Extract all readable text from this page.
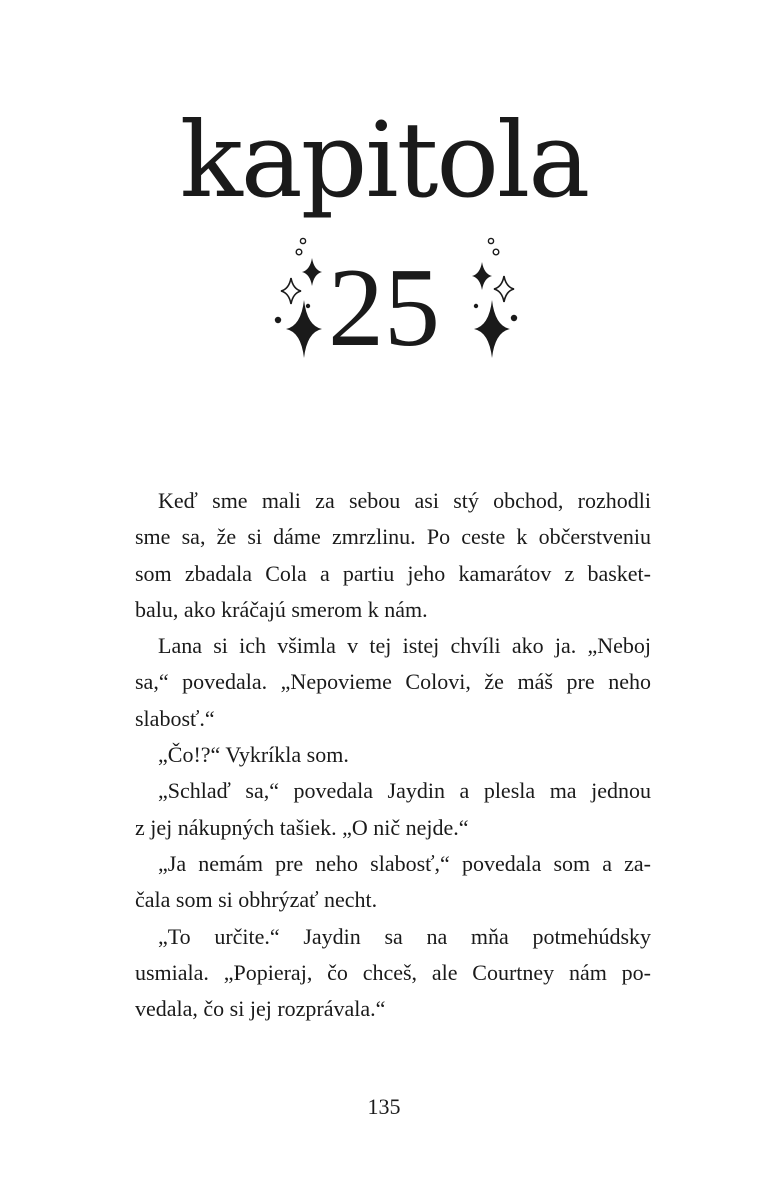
kapitola
25

Keď sme mali za sebou asi stý obchod, rozhodli
sme sa, že si dáme zmrzlinu. Po ceste k občerstveniu
som zbadala Cola a partiu jeho kamarátov z basket-
balu, ako kráčajú smerom k nám.

Lana si ich všimla v tej istej chvíli ako ja. „Neboj
sa,“ povedala. „Nepovieme Colovi, že máš pre neho
slabosť.“

„Čo!?“ Vykríkla som.

„Schlaď sa,“ povedala Jaydin a plesla ma jednou
z jej nákupných tašiek. „O nič nejde.“

„Ja nemám pre neho slabosť,“ povedala som a za-
čala som si obhrýzať necht.

„To určite.“ Jaydin sa na mňa potmehúdsky
usmiala. „Popieraj, čo chceš, ale Courtney nám po-
vedala, čo si jej rozprávala.“

135
